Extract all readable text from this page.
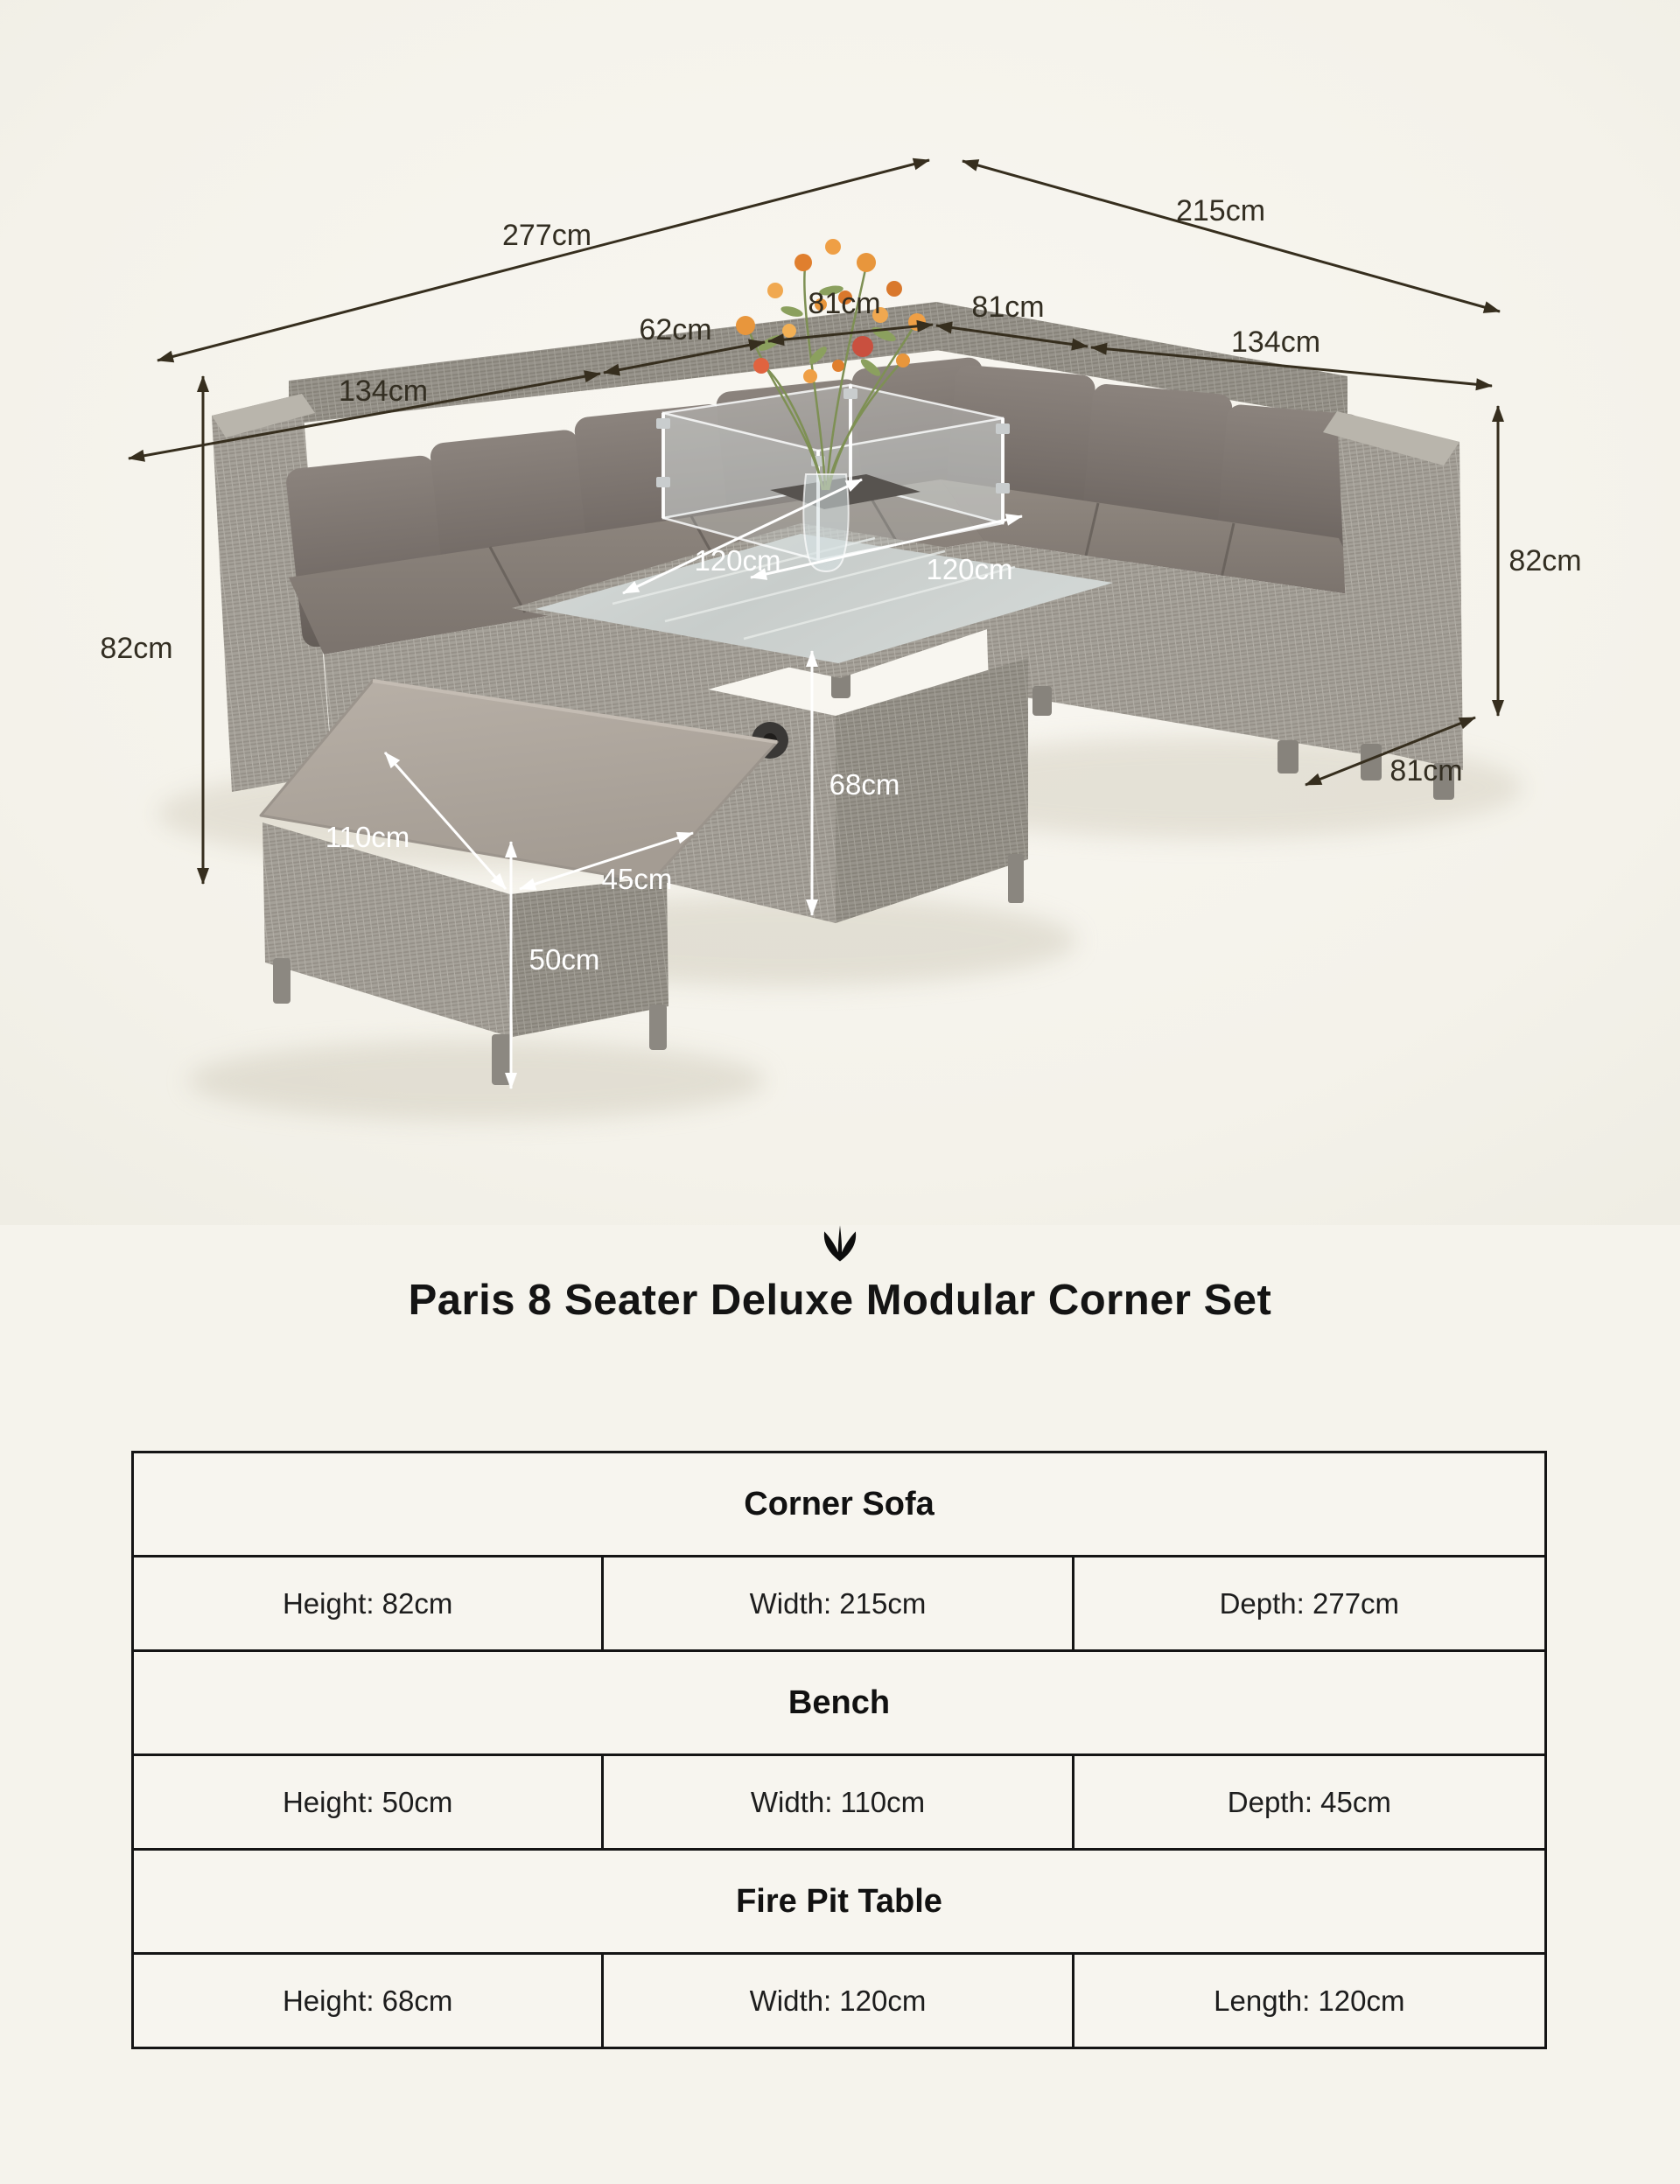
120cm	120cm
68cm
110cm
45cm
50cm
277cm
215cm
134cm
62cm
81cm	81cm
134cm
82cm
82cm
81cm
Paris 8 Seater Deluxe Modular Corner Set
Corner Sofa
Height: 82cm	Width: 215cm	Depth: 277cm
Bench
Height: 50cm	Width: 110cm	Depth: 45cm
Fire Pit Table
Height: 68cm	Width: 120cm	Length: 120cm
